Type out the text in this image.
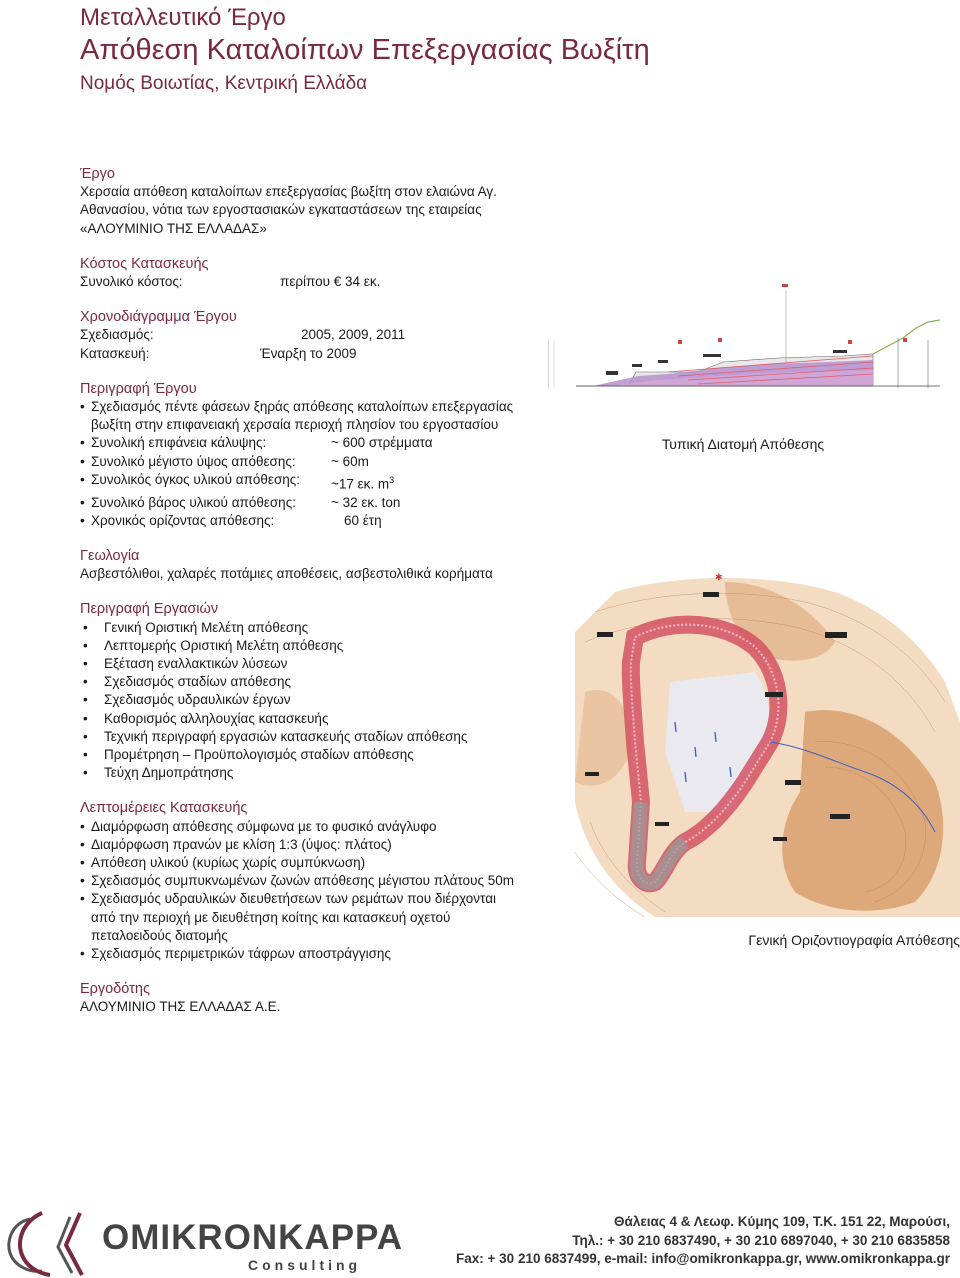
Μεταλλευτικό Έργο
Απόθεση Καταλοίπων Επεξεργασίας Βωξίτη
Νομός Βοιωτίας, Κεντρική Ελλάδα
Έργο
Χερσαία απόθεση καταλοίπων επεξεργασίας βωξίτη στον ελαιώνα Αγ.
Αθανασίου, νότια των εργοστασιακών εγκαταστάσεων της εταιρείας
«ΑΛΟΥΜΙΝΙΟ ΤΗΣ ΕΛΛΑΔΑΣ»
Κόστος Κατασκευής
Συνολικό κόστος:	περίπου € 34 εκ.
Χρονοδιάγραμμα Έργου
Σχεδιασμός:	2005, 2009, 2011
Κατασκευή:	Έναρξη το 2009
Περιγραφή Έργου
• Σχεδιασμός πέντε φάσεων ξηράς απόθεσης καταλοίπων επεξεργασίας
βωξίτη στην επιφανειακή χερσαία περιοχή πλησίον του εργοστασίου
• Συνολική επιφάνεια κάλυψης:	~ 600 στρέμματα
• Συνολικό μέγιστο ύψος απόθεσης:	~ 60m
• Συνολικός όγκος υλικού απόθεσης:	~17 εκ. $m^3$
• Συνολικό βάρος υλικού απόθεσης:	~ 32 εκ. ton
• Χρονικός ορίζοντας απόθεσης:	60 έτη
Γεωλογία
Ασβεστόλιθοι, χαλαρές ποτάμιες αποθέσεις, ασβεστολιθικά κορήματα
Περιγραφή Εργασιών
• Γενική Οριστική Μελέτη απόθεσης
• Λεπτομερής Οριστική Μελέτη απόθεσης
• Εξέταση εναλλακτικών λύσεων
• Σχεδιασμός σταδίων απόθεσης
• Σχεδιασμός υδραυλικών έργων
• Καθορισμός αλληλουχίας κατασκευής
• Τεχνική περιγραφή εργασιών κατασκευής σταδίων απόθεσης
• Προμέτρηση – Προϋπολογισμός σταδίων απόθεσης
• Τεύχη Δημοπράτησης
Λεπτομέρειες Κατασκευής
• Διαμόρφωση απόθεσης σύμφωνα με το φυσικό ανάγλυφο
• Διαμόρφωση πρανών με κλίση 1:3 (ύψος: πλάτος)
• Απόθεση υλικού (κυρίως χωρίς συμπύκνωση)
• Σχεδιασμός συμπυκνωμένων ζωνών απόθεσης μέγιστου πλάτους 50m
• Σχεδιασμός υδραυλικών διευθετήσεων των ρεμάτων που διέρχονται
από την περιοχή με διευθέτηση κοίτης και κατασκευή οχετού
πεταλοειδούς διατομής
• Σχεδιασμός περιμετρικών τάφρων αποστράγγισης
Εργοδότης
ΑΛΟΥΜΙΝΙΟ ΤΗΣ ΕΛΛΑΔΑΣ Α.Ε.
Τυπική Διατομή Απόθεσης
✱
Γενική Οριζοντιογραφία Απόθεσης
OMIKRONKAPPA
Consulting
Θάλειας 4 & Λεωφ. Κύμης 109, Τ.Κ. 151 22, Μαρούσι,
Τηλ.: + 30 210 6837490, + 30 210 6897040, + 30 210 6835858
Fax: + 30 210 6837499, e-mail: info@omikronkappa.gr, www.omikronkappa.gr
